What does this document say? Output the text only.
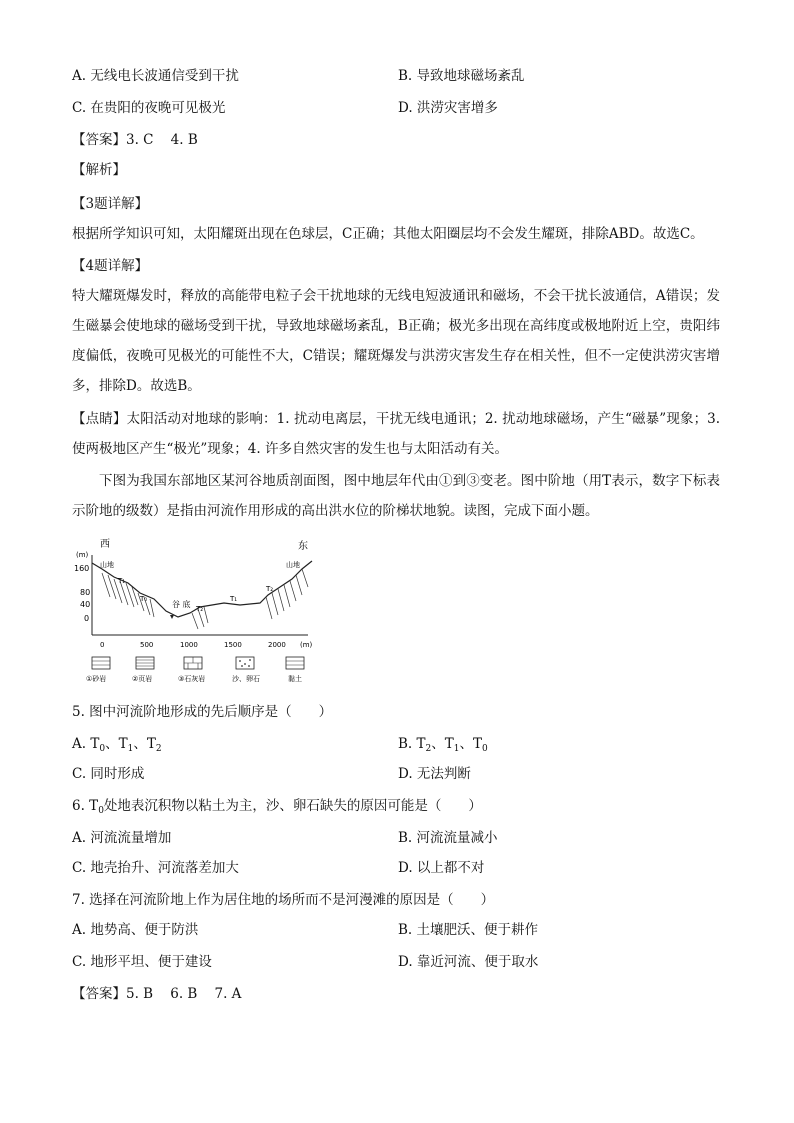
A. 无线电长波通信受到干扰	B. 导致地球磁场紊乱
C. 在贵阳的夜晚可见极光	D. 洪涝灾害增多
【答案】3. C    4. B
【解析】
【3题详解】
根据所学知识可知，太阳耀斑出现在色球层，C正确；其他太阳圈层均不会发生耀斑，排除ABD。故选C。
【4题详解】
特大耀斑爆发时，释放的高能带电粒子会干扰地球的无线电短波通讯和磁场，不会干扰长波通信，A错误；发生磁暴会使地球的磁场受到干扰，导致地球磁场紊乱，B正确；极光多出现在高纬度或极地附近上空，贵阳纬度偏低，夜晚可见极光的可能性不大，C错误；耀斑爆发与洪涝灾害发生存在相关性，但不一定使洪涝灾害增多，排除D。故选B。
【点睛】太阳活动对地球的影响：1. 扰动电离层，干扰无线电通讯；2. 扰动地球磁场，产生“磁暴”现象；3. 使两极地区产生“极光”现象；4. 许多自然灾害的发生也与太阳活动有关。
下图为我国东部地区某河谷地质剖面图，图中地层年代由①到③变老。图中阶地（用T表示，数字下标表示阶地的级数）是指由河流作用形成的高出洪水位的阶梯状地貌。读图，完成下面小题。
西	东
(m)
160
80
40
0
山地	山地
谷 底
T₁
T₀
T₂
T₁
T₂
0	500	1000	1500	2000 (m)
①砂岩	②页岩	③石灰岩	沙、卵石	黏土
5. 图中河流阶地形成的先后顺序是（　　）
A. $T_0$、$T_1$、$T_2$	B. $T_2$、$T_1$、$T_0$
C. 同时形成	D. 无法判断
6. $T_0$处地表沉积物以粘土为主，沙、卵石缺失的原因可能是（　　）
A. 河流流量增加	B. 河流流量减小
C. 地壳抬升、河流落差加大	D. 以上都不对
7. 选择在河流阶地上作为居住地的场所而不是河漫滩的原因是（　　）
A. 地势高、便于防洪	B. 土壤肥沃、便于耕作
C. 地形平坦、便于建设	D. 靠近河流、便于取水
【答案】5. B    6. B    7. A
